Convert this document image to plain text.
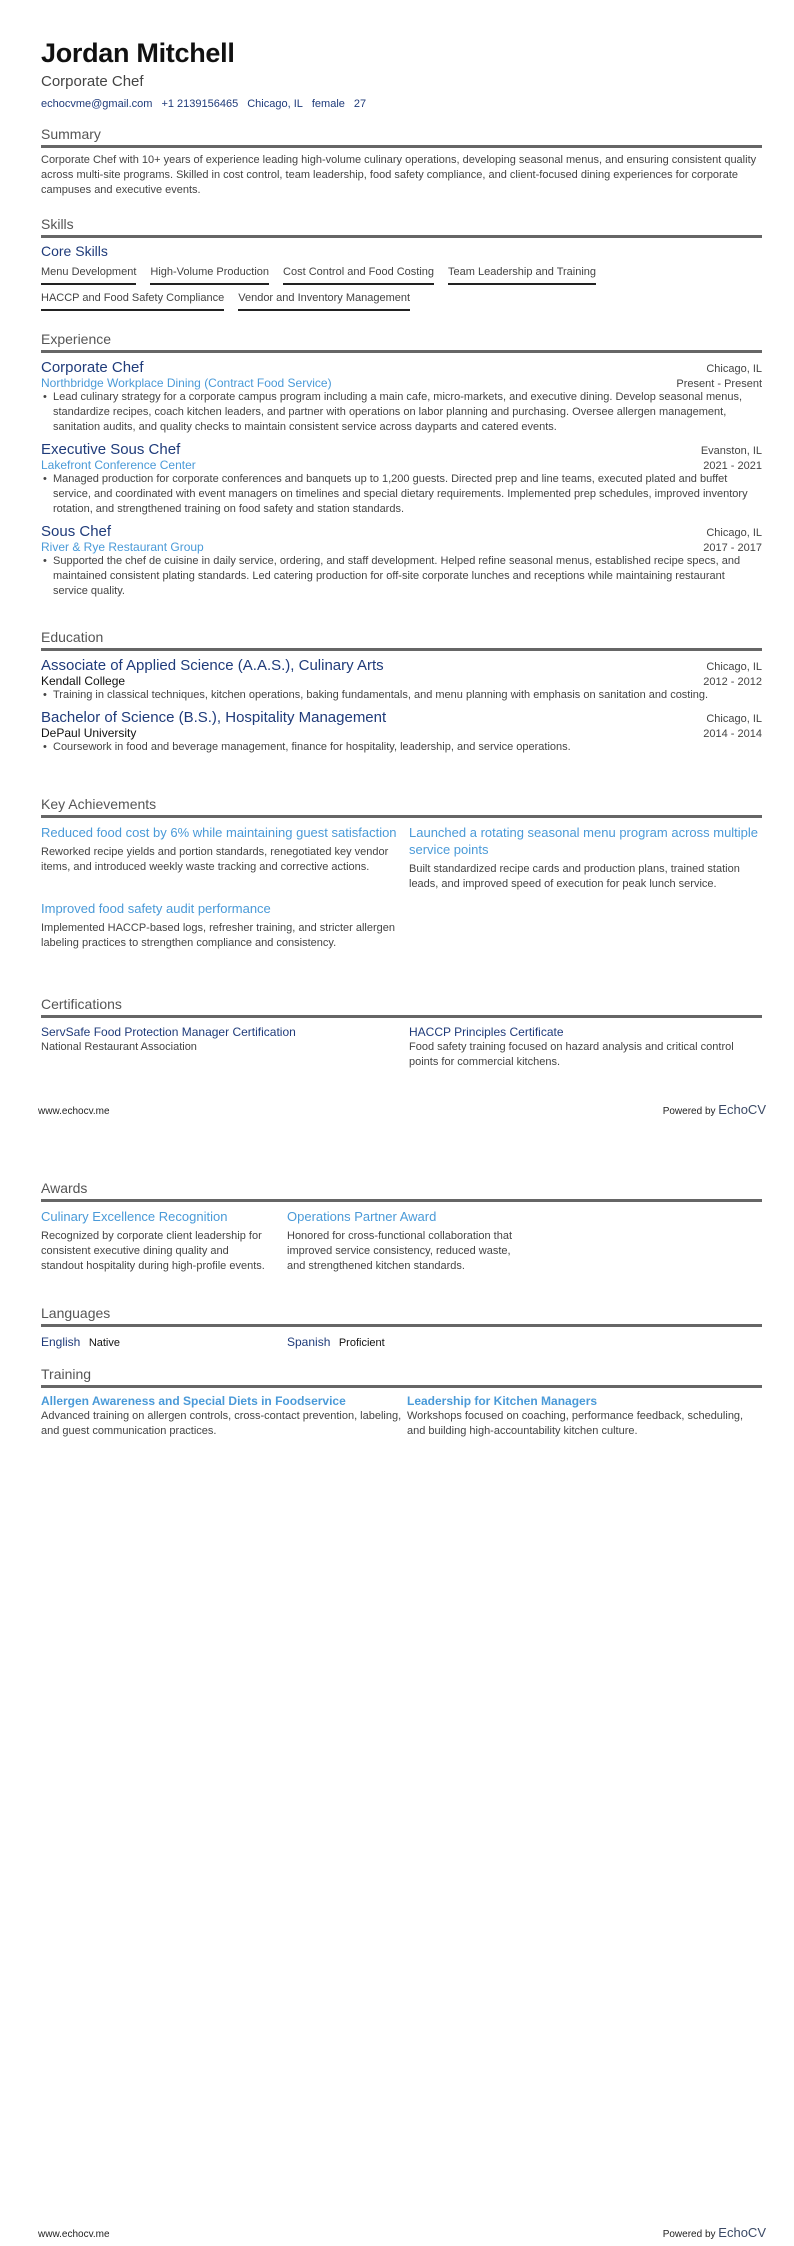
Jordan Mitchell
Corporate Chef
echocvme@gmail.com +1 2139156465 Chicago, IL female 27
Summary
Corporate Chef with 10+ years of experience leading high-volume culinary operations, developing seasonal menus, and ensuring consistent quality across multi-site programs. Skilled in cost control, team leadership, food safety compliance, and client-focused dining experiences for corporate campuses and executive events.
Skills
Core Skills
Menu Development High-Volume Production Cost Control and Food Costing Team Leadership and Training
HACCP and Food Safety Compliance Vendor and Inventory Management
Experience
Corporate Chef	Chicago, IL
Northbridge Workplace Dining (Contract Food Service)	Present - Present
• Lead culinary strategy for a corporate campus program including a main cafe, micro-markets, and executive dining. Develop seasonal menus, standardize recipes, coach kitchen leaders, and partner with operations on labor planning and purchasing. Oversee allergen management, sanitation audits, and quality checks to maintain consistent service across dayparts and catered events.
Executive Sous Chef	Evanston, IL
Lakefront Conference Center	2021 - 2021
• Managed production for corporate conferences and banquets up to 1,200 guests. Directed prep and line teams, executed plated and buffet service, and coordinated with event managers on timelines and special dietary requirements. Implemented prep schedules, improved inventory rotation, and strengthened training on food safety and station standards.
Sous Chef	Chicago, IL
River & Rye Restaurant Group	2017 - 2017
• Supported the chef de cuisine in daily service, ordering, and staff development. Helped refine seasonal menus, established recipe specs, and maintained consistent plating standards. Led catering production for off-site corporate lunches and receptions while maintaining restaurant service quality.
Education
Associate of Applied Science (A.A.S.), Culinary Arts	Chicago, IL
Kendall College	2012 - 2012
• Training in classical techniques, kitchen operations, baking fundamentals, and menu planning with emphasis on sanitation and costing.
Bachelor of Science (B.S.), Hospitality Management	Chicago, IL
DePaul University	2014 - 2014
• Coursework in food and beverage management, finance for hospitality, leadership, and service operations.
Key Achievements
Reduced food cost by 6% while maintaining guest satisfaction
Reworked recipe yields and portion standards, renegotiated key vendor items, and introduced weekly waste tracking and corrective actions.
Launched a rotating seasonal menu program across multiple service points
Built standardized recipe cards and production plans, trained station leads, and improved speed of execution for peak lunch service.
Improved food safety audit performance
Implemented HACCP-based logs, refresher training, and stricter allergen labeling practices to strengthen compliance and consistency.
Certifications
ServSafe Food Protection Manager Certification
National Restaurant Association
HACCP Principles Certificate
Food safety training focused on hazard analysis and critical control points for commercial kitchens.
www.echocv.me	Powered by EchoCV
Awards
Culinary Excellence Recognition
Recognized by corporate client leadership for consistent executive dining quality and standout hospitality during high-profile events.
Operations Partner Award
Honored for cross-functional collaboration that improved service consistency, reduced waste, and strengthened kitchen standards.
Languages
English Native	Spanish Proficient
Training
Allergen Awareness and Special Diets in Foodservice
Advanced training on allergen controls, cross-contact prevention, labeling, and guest communication practices.
Leadership for Kitchen Managers
Workshops focused on coaching, performance feedback, scheduling, and building high-accountability kitchen culture.
www.echocv.me	Powered by EchoCV
